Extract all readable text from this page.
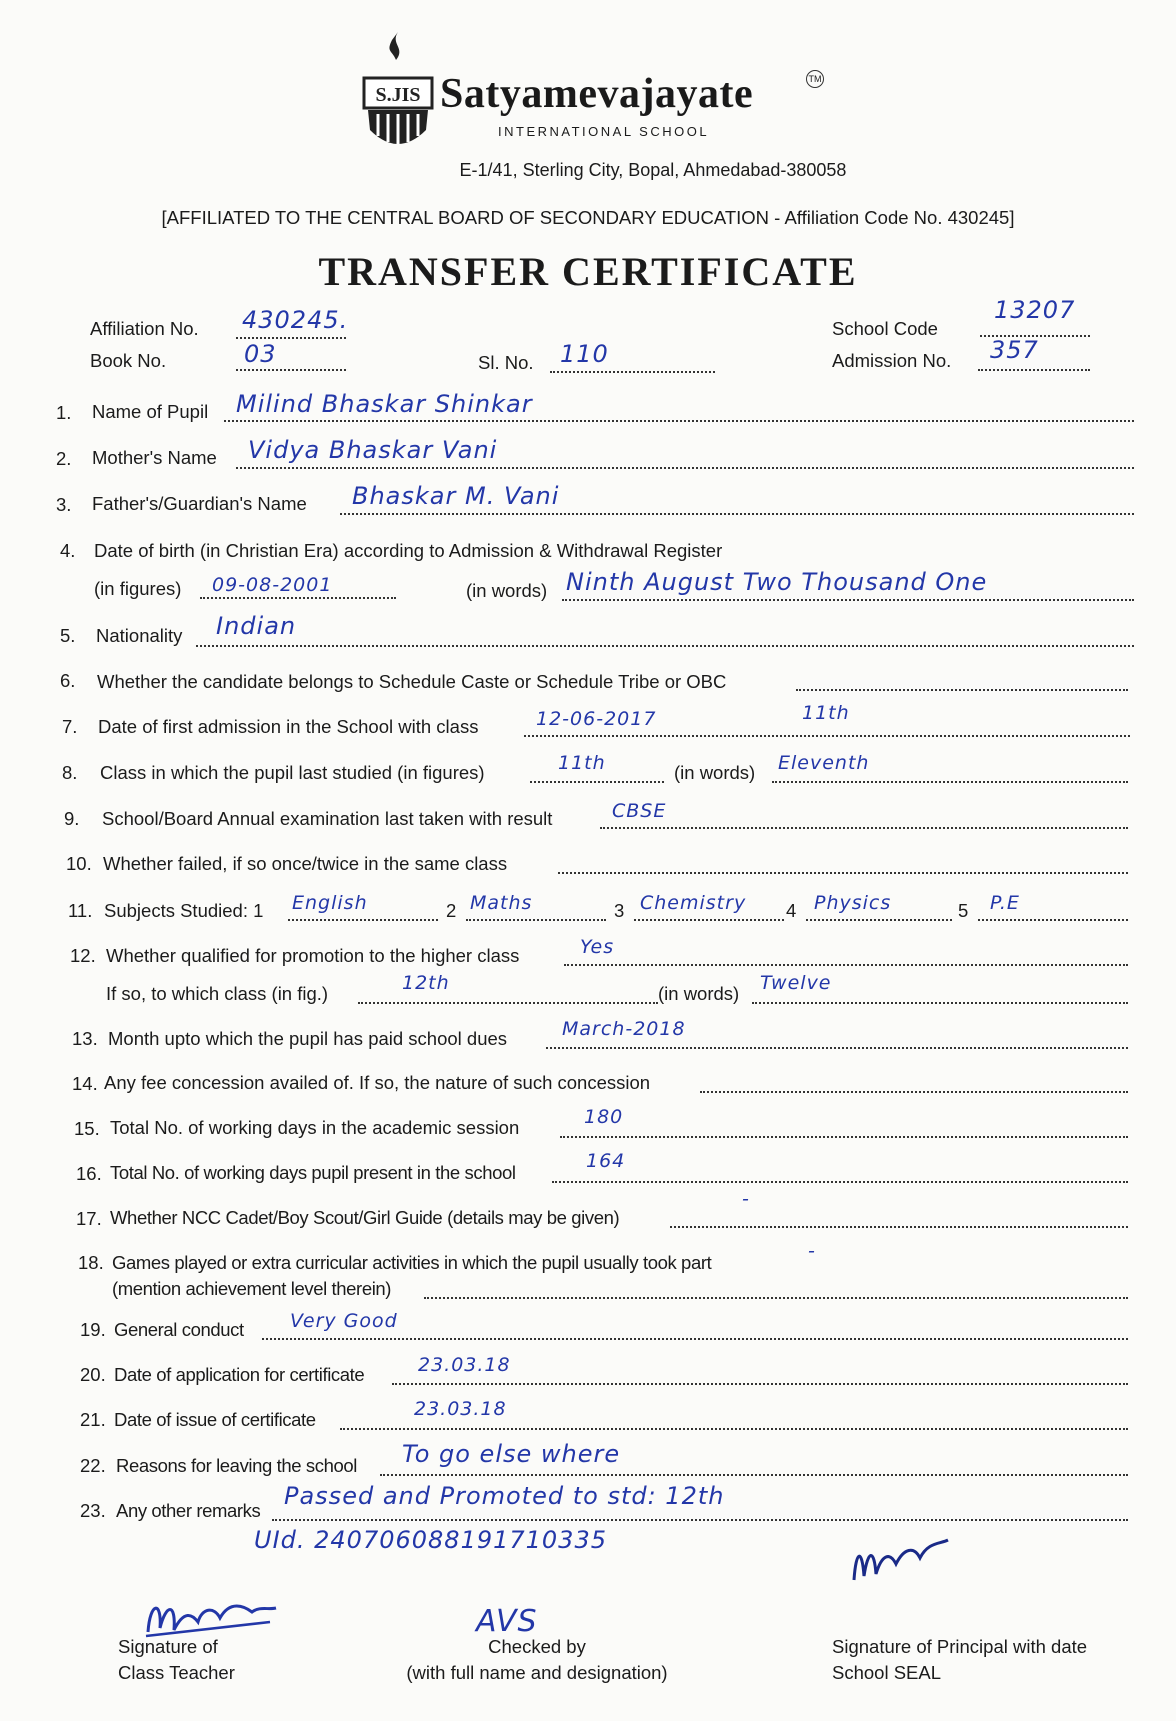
S.JIS Satyamevajayate	TM
INTERNATIONAL SCHOOL
E-1/41, Sterling City, Bopal, Ahmedabad-380058
[AFFILIATED TO THE CENTRAL BOARD OF SECONDARY EDUCATION - Affiliation Code No. 430245]
TRANSFER CERTIFICATE
Affiliation No. 430245.
Book No.	03	Sl. No. 110
School Code
13207
Admission No. 357
1. Name of Pupil Milind Bhaskar Shinkar
2. Mother's Name Vidya Bhaskar Vani
3. Father's/Guardian's Name Bhaskar M. Vani
4. Date of birth (in Christian Era) according to Admission & Withdrawal Register
(in figures) 09-08-2001	(in words) Ninth August Two Thousand One
5. Nationality Indian
6. Whether the candidate belongs to Schedule Caste or Schedule Tribe or OBC
7. Date of first admission in the School with class	12-06-2017	11th
8. Class in which the pupil last studied (in figures)	11th	(in words) Eleventh
9. School/Board Annual examination last taken with result	CBSE
10. Whether failed, if so once/twice in the same class
11. Subjects Studied: 1 English	2 Maths	3 Chemistry 4 Physics	5 P.E
12. Whether qualified for promotion to the higher class	Yes
If so, to which class (in fig.)	12th	(in words) Twelve
13. Month upto which the pupil has paid school dues	March-2018
14. Any fee concession availed of. If so, the nature of such concession
15. Total No. of working days in the academic session	180
16. Total No. of working days pupil present in the school
164
17. Whether NCC Cadet/Boy Scout/Girl Guide (details may be given)
-
18. Games played or extra curricular activities in which the pupil usually took part
-
(mention achievement level therein)
19. General conduct Very Good
20. Date of application for certificate	23.03.18
21. Date of issue of certificate	23.03.18
22. Reasons for leaving the school To go else where
23. Any other remarks
Passed and Promoted to std: 12th
UId. 240706088191710335
Signature of
Class Teacher
AVS
Checked by
(with full name and designation)
Signature of Principal with date
School SEAL
